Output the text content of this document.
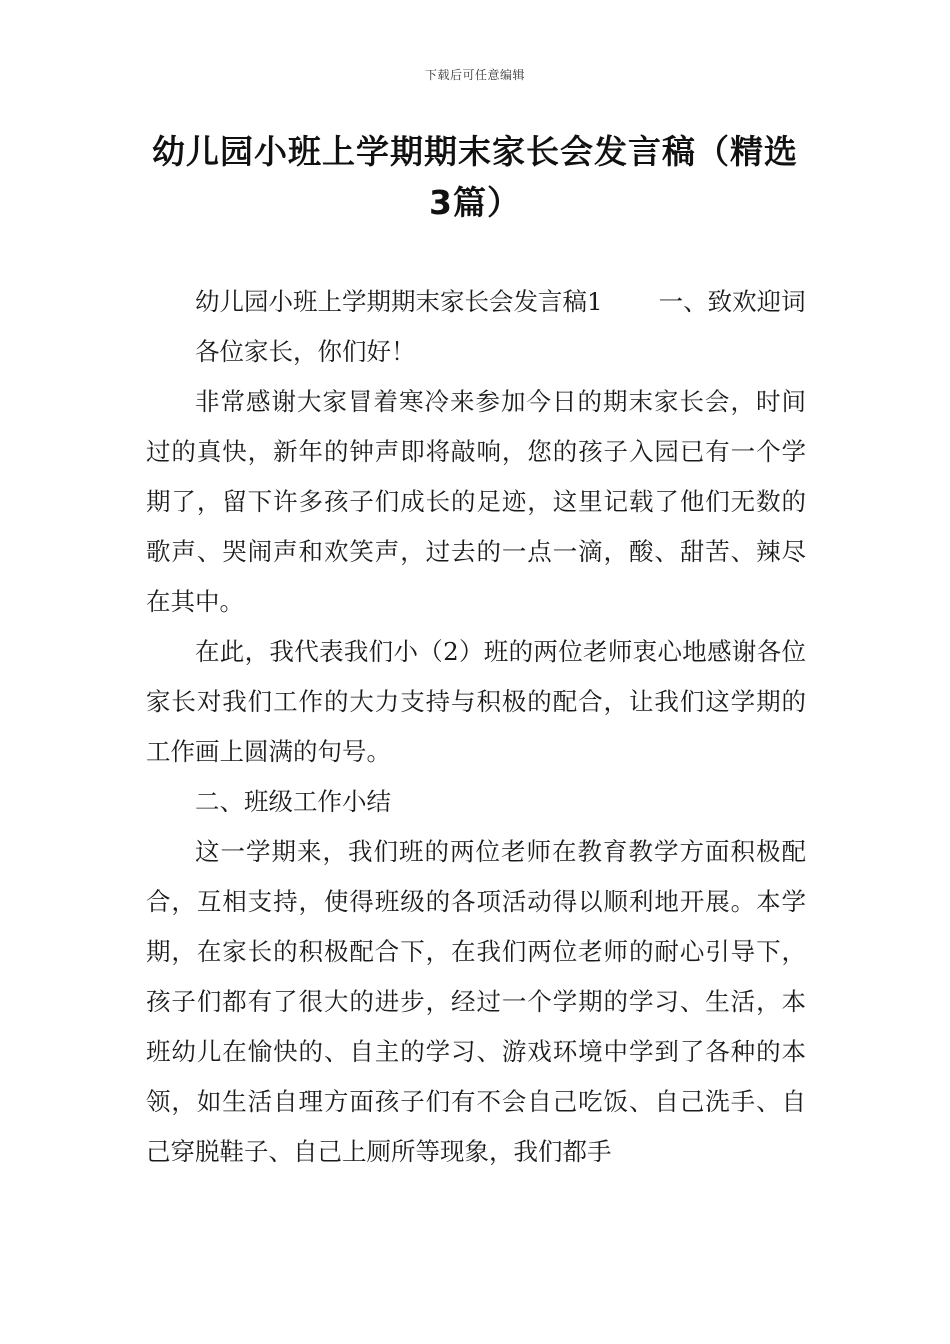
下载后可任意编辑
幼儿园小班上学期期末家长会发言稿（精选3篇）

幼儿园小班上学期期末家长会发言稿1 一、致欢迎词

各位家长，你们好！

非常感谢大家冒着寒冷来参加今日的期末家长会，时间过的真快，新年的钟声即将敲响，您的孩子入园已有一个学期了，留下许多孩子们成长的足迹，这里记载了他们无数的歌声、哭闹声和欢笑声，过去的一点一滴，酸、甜苦、辣尽在其中。

在此，我代表我们小（2）班的两位老师衷心地感谢各位家长对我们工作的大力支持与积极的配合，让我们这学期的工作画上圆满的句号。

二、班级工作小结

这一学期来，我们班的两位老师在教育教学方面积极配合，互相支持，使得班级的各项活动得以顺利地开展。本学期，在家长的积极配合下，在我们两位老师的耐心引导下，孩子们都有了很大的进步，经过一个学期的学习、生活，本班幼儿在愉快的、自主的学习、游戏环境中学到了各种的本领，如生活自理方面孩子们有不会自己吃饭、自己洗手、自己穿脱鞋子、自己上厕所等现象，我们都手
